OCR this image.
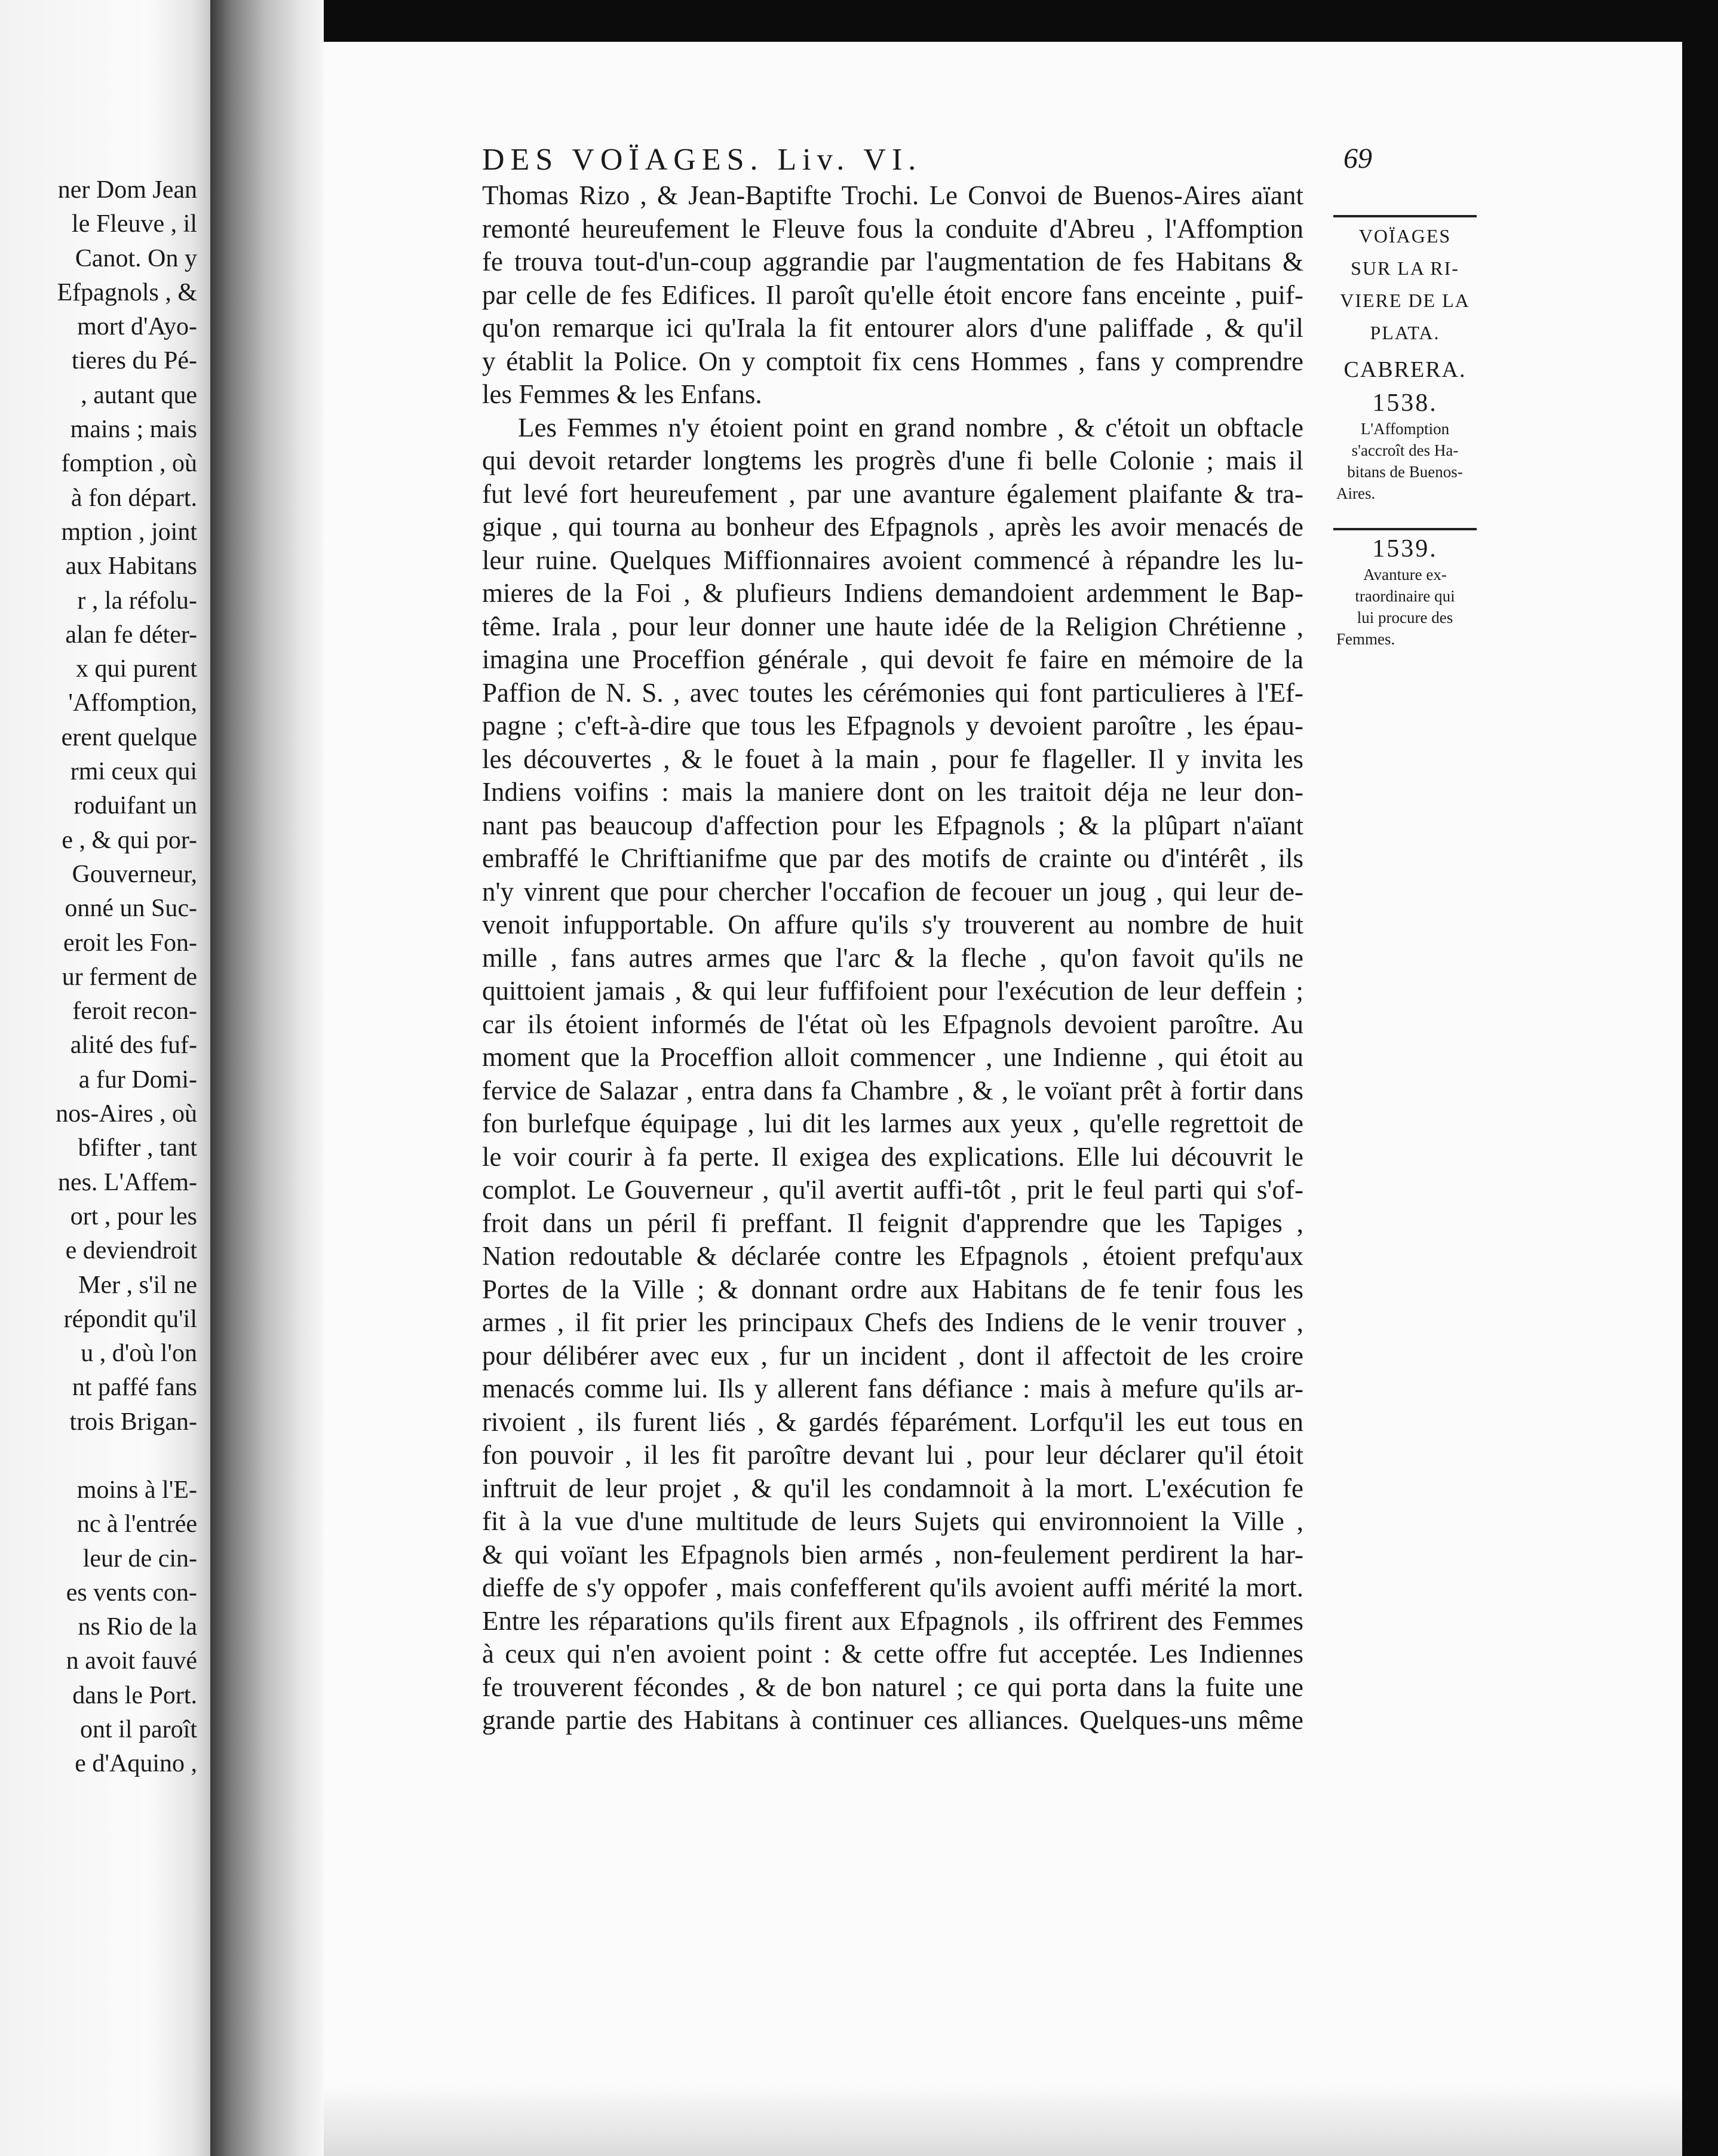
ner Dom Jean
le Fleuve , il
Canot. On y
Efpagnols , &
mort d'Ayo-
tieres du Pé-
, autant que
mains ; mais
fomption , où
à fon départ.
mption , joint
aux Habitans
r , la réfolu-
alan fe déter-
x qui purent
'Affomption,
erent quelque
rmi ceux qui
roduifant un
e , & qui por-
Gouverneur,
onné un Suc-
eroit les Fon-
ur ferment de
feroit recon-
alité des fuf-
a fur Domi-
nos-Aires , où
bfifter , tant
nes. L'Affem-
ort , pour les
e deviendroit
Mer , s'il ne
répondit qu'il
u , d'où l'on
nt paffé fans
trois Brigan-
moins à l'E-
nc à l'entrée
leur de cin-
es vents con-
ns Rio de la
n avoit fauvé
dans le Port.
ont il paroît
e d'Aquino ,
DES VOÏAGES. Liv. VI.	69
Thomas Rizo , & Jean-Baptifte Trochi. Le Convoi de Buenos-Aires aïant
remonté heureufement le Fleuve fous la conduite d'Abreu , l'Affomption
fe trouva tout-d'un-coup aggrandie par l'augmentation de fes Habitans &
par celle de fes Edifices. Il paroît qu'elle étoit encore fans enceinte , puif-
qu'on remarque ici qu'Irala la fit entourer alors d'une paliffade , & qu'il
y établit la Police. On y comptoit fix cens Hommes , fans y comprendre
les Femmes & les Enfans.
Les Femmes n'y étoient point en grand nombre , & c'étoit un obftacle
qui devoit retarder longtems les progrès d'une fi belle Colonie ; mais il
fut levé fort heureufement , par une avanture également plaifante & tra-
gique , qui tourna au bonheur des Efpagnols , après les avoir menacés de
leur ruine. Quelques Miffionnaires avoient commencé à répandre les lu-
mieres de la Foi , & plufieurs Indiens demandoient ardemment le Bap-
tême. Irala , pour leur donner une haute idée de la Religion Chrétienne ,
imagina une Proceffion générale , qui devoit fe faire en mémoire de la
Paffion de N. S. , avec toutes les cérémonies qui font particulieres à l'Ef-
pagne ; c'eft-à-dire que tous les Efpagnols y devoient paroître , les épau-
les découvertes , & le fouet à la main , pour fe flageller. Il y invita les
Indiens voifins : mais la maniere dont on les traitoit déja ne leur don-
nant pas beaucoup d'affection pour les Efpagnols ; & la plûpart n'aïant
embraffé le Chriftianifme que par des motifs de crainte ou d'intérêt , ils
n'y vinrent que pour chercher l'occafion de fecouer un joug , qui leur de-
venoit infupportable. On affure qu'ils s'y trouverent au nombre de huit
mille , fans autres armes que l'arc & la fleche , qu'on favoit qu'ils ne
quittoient jamais , & qui leur fuffifoient pour l'exécution de leur deffein ;
car ils étoient informés de l'état où les Efpagnols devoient paroître. Au
moment que la Proceffion alloit commencer , une Indienne , qui étoit au
fervice de Salazar , entra dans fa Chambre , & , le voïant prêt à fortir dans
fon burlefque équipage , lui dit les larmes aux yeux , qu'elle regrettoit de
le voir courir à fa perte. Il exigea des explications. Elle lui découvrit le
complot. Le Gouverneur , qu'il avertit auffi-tôt , prit le feul parti qui s'of-
froit dans un péril fi preffant. Il feignit d'apprendre que les Tapiges ,
Nation redoutable & déclarée contre les Efpagnols , étoient prefqu'aux
Portes de la Ville ; & donnant ordre aux Habitans de fe tenir fous les
armes , il fit prier les principaux Chefs des Indiens de le venir trouver ,
pour délibérer avec eux , fur un incident , dont il affectoit de les croire
menacés comme lui. Ils y allerent fans défiance : mais à mefure qu'ils ar-
rivoient , ils furent liés , & gardés féparément. Lorfqu'il les eut tous en
fon pouvoir , il les fit paroître devant lui , pour leur déclarer qu'il étoit
inftruit de leur projet , & qu'il les condamnoit à la mort. L'exécution fe
fit à la vue d'une multitude de leurs Sujets qui environnoient la Ville ,
& qui voïant les Efpagnols bien armés , non-feulement perdirent la har-
dieffe de s'y oppofer , mais confefferent qu'ils avoient auffi mérité la mort.
Entre les réparations qu'ils firent aux Efpagnols , ils offrirent des Femmes
à ceux qui n'en avoient point : & cette offre fut acceptée. Les Indiennes
fe trouverent fécondes , & de bon naturel ; ce qui porta dans la fuite une
grande partie des Habitans à continuer ces alliances. Quelques-uns même
VOÏAGES
SUR LA RI-
VIERE DE LA
PLATA.
CABRERA.
1538.
L'Affomption
s'accroît des Ha-
bitans de Buenos-
Aires.
1539.
Avanture ex-
traordinaire qui
lui procure des
Femmes.
